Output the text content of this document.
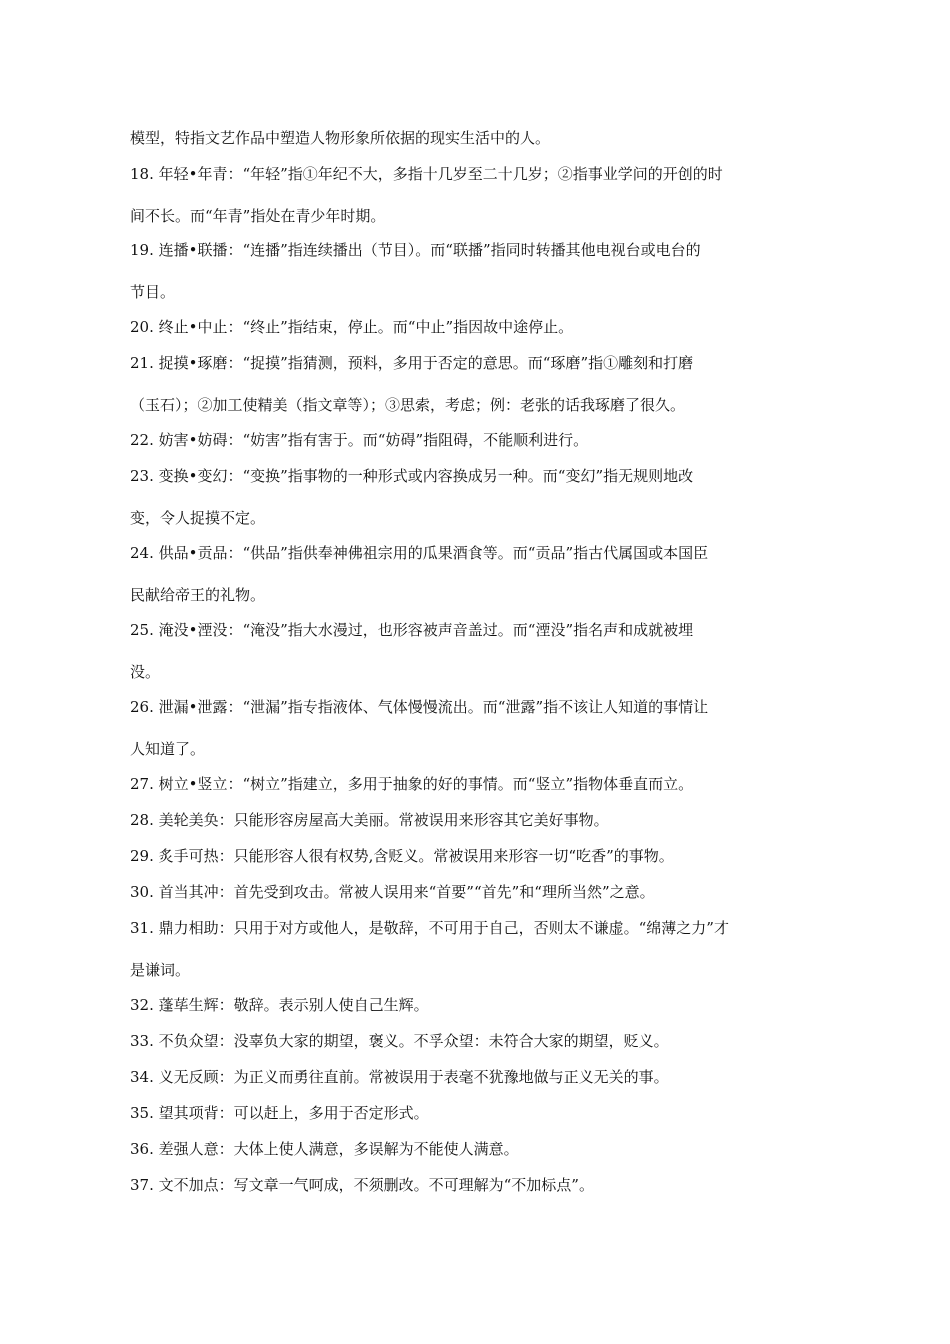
模型，特指文艺作品中塑造人物形象所依据的现实生活中的人。
18. 年轻•年青：“年轻”指①年纪不大，多指十几岁至二十几岁；②指事业学问的开创的时
间不长。而“年青”指处在青少年时期。
19. 连播•联播：“连播”指连续播出（节目）。而“联播”指同时转播其他电视台或电台的
节目。
20. 终止•中止：“终止”指结束，停止。而“中止”指因故中途停止。
21. 捉摸•琢磨：“捉摸”指猜测，预料，多用于否定的意思。而“琢磨”指①雕刻和打磨
（玉石）；②加工使精美（指文章等）；③思索，考虑；例：老张的话我琢磨了很久。
22. 妨害•妨碍：“妨害”指有害于。而“妨碍”指阻碍，不能顺利进行。
23. 变换•变幻：“变换”指事物的一种形式或内容换成另一种。而“变幻”指无规则地改
变，令人捉摸不定。
24. 供品•贡品：“供品”指供奉神佛祖宗用的瓜果酒食等。而“贡品”指古代属国或本国臣
民献给帝王的礼物。
25. 淹没•湮没：“淹没”指大水漫过，也形容被声音盖过。而“湮没”指名声和成就被埋
没。
26. 泄漏•泄露：“泄漏”指专指液体、气体慢慢流出。而“泄露”指不该让人知道的事情让
人知道了。
27. 树立•竖立：“树立”指建立，多用于抽象的好的事情。而“竖立”指物体垂直而立。
28. 美轮美奂：只能形容房屋高大美丽。常被误用来形容其它美好事物。
29. 炙手可热：只能形容人很有权势,含贬义。常被误用来形容一切“吃香”的事物。
30. 首当其冲：首先受到攻击。常被人误用来“首要”“首先”和“理所当然”之意。
31. 鼎力相助：只用于对方或他人，是敬辞，不可用于自己，否则太不谦虚。“绵薄之力”才
是谦词。
32. 蓬荜生辉：敬辞。表示别人使自己生辉。
33. 不负众望：没辜负大家的期望，褒义。不孚众望：未符合大家的期望，贬义。
34. 义无反顾：为正义而勇往直前。常被误用于表毫不犹豫地做与正义无关的事。
35. 望其项背：可以赶上，多用于否定形式。
36. 差强人意：大体上使人满意，多误解为不能使人满意。
37. 文不加点：写文章一气呵成，不须删改。不可理解为“不加标点”。
